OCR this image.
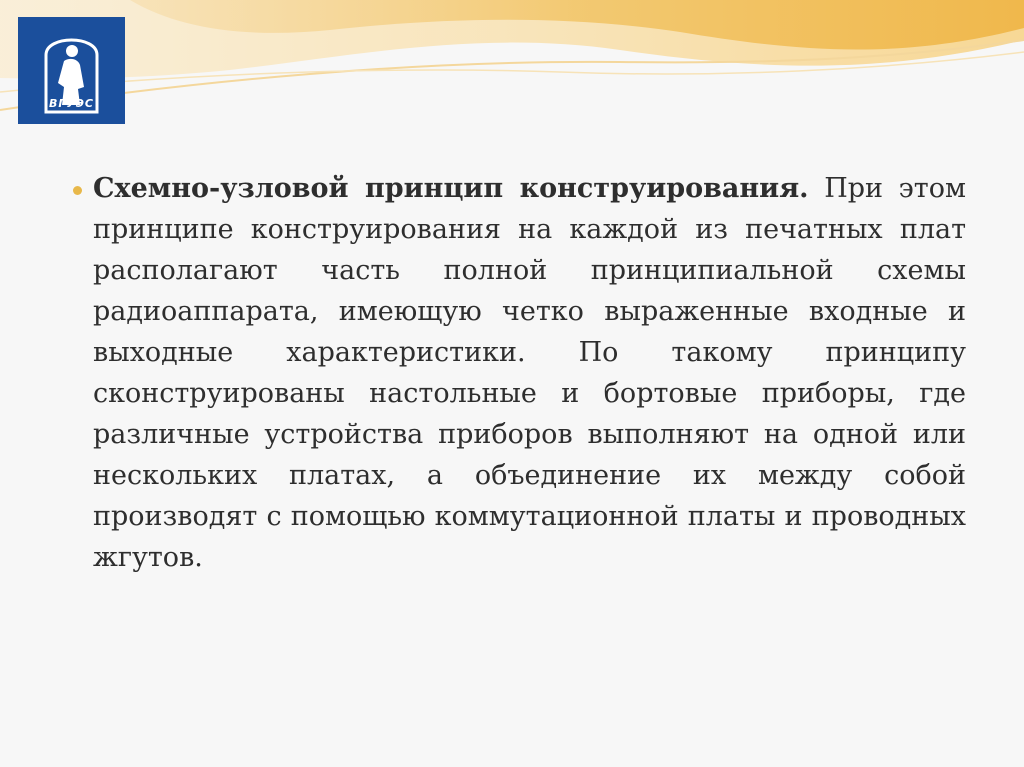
ВГУЭС

Схемно-узловой принцип конструирования. При этом принципе конструирования на каждой из печатных плат располагают часть полной принципиальной схемы радиоаппарата, имеющую четко выраженные входные и выходные характеристики. По такому принципу сконструированы настольные и бортовые приборы, где различные устройства приборов выполняют на одной или нескольких платах, а объединение их между собой производят с помощью коммутационной платы и проводных жгутов.
